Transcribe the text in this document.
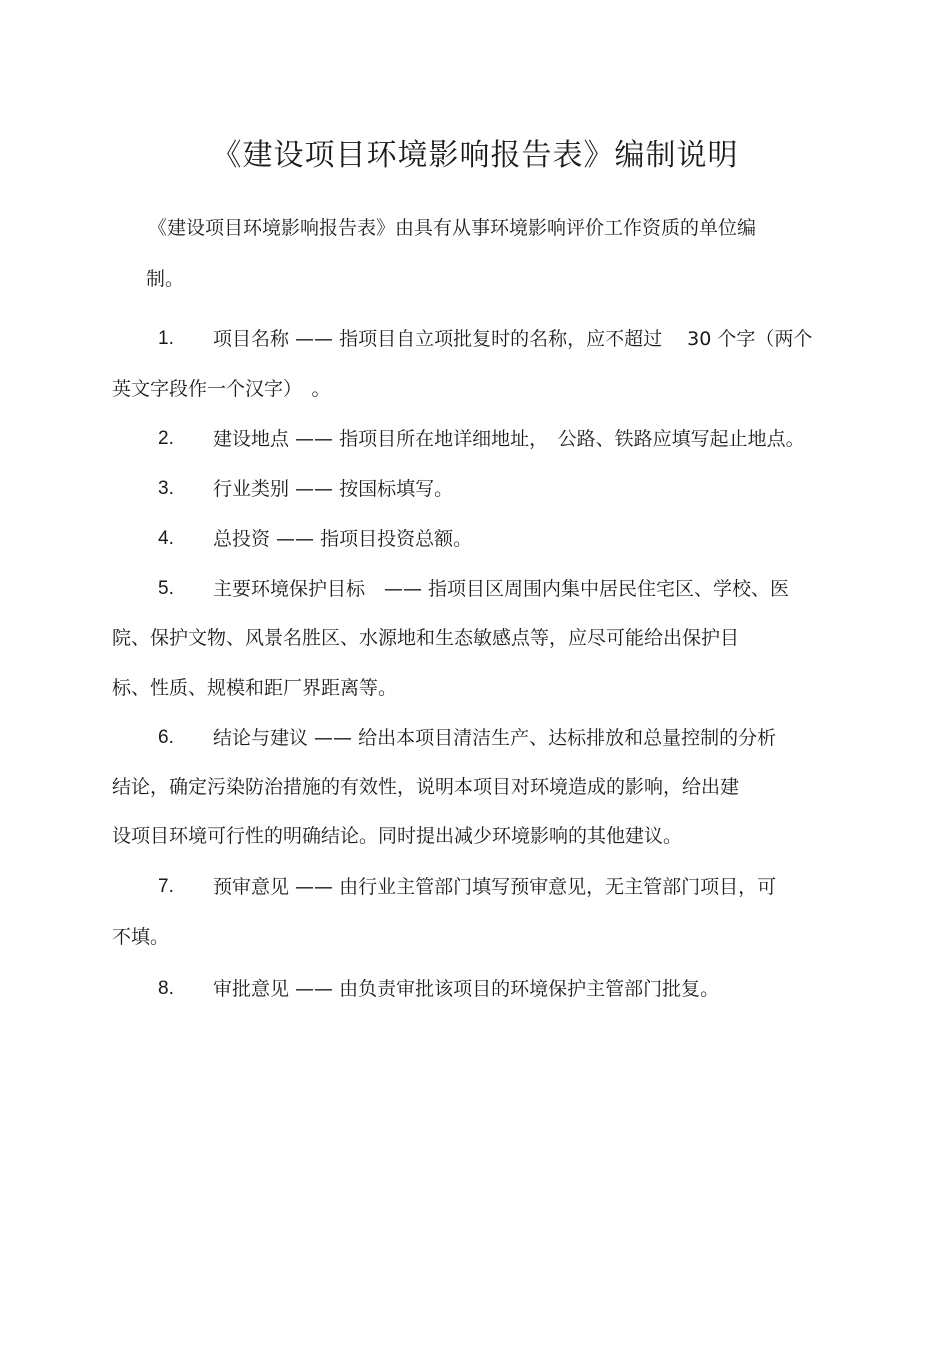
《建设项目环境影响报告表》编制说明
《建设项目环境影响报告表》由具有从事环境影响评价工作资质的单位编
制。
1. 项目名称 —— 指项目自立项批复时的名称，应不超过　 30 个字（两个
英文字段作一个汉字）　。
2. 建设地点 —— 指项目所在地详细地址，　公路、铁路应填写起止地点。
3. 行业类别 —— 按国标填写。
4. 总投资 —— 指项目投资总额。
5. 主要环境保护目标　—— 指项目区周围内集中居民住宅区、学校、医
院、保护文物、风景名胜区、水源地和生态敏感点等，应尽可能给出保护目
标、性质、规模和距厂界距离等。
6. 结论与建议 —— 给出本项目清洁生产、达标排放和总量控制的分析
结论，确定污染防治措施的有效性，说明本项目对环境造成的影响，给出建
设项目环境可行性的明确结论。同时提出减少环境影响的其他建议。
7. 预审意见 —— 由行业主管部门填写预审意见，无主管部门项目，可
不填。
8. 审批意见 —— 由负责审批该项目的环境保护主管部门批复。
